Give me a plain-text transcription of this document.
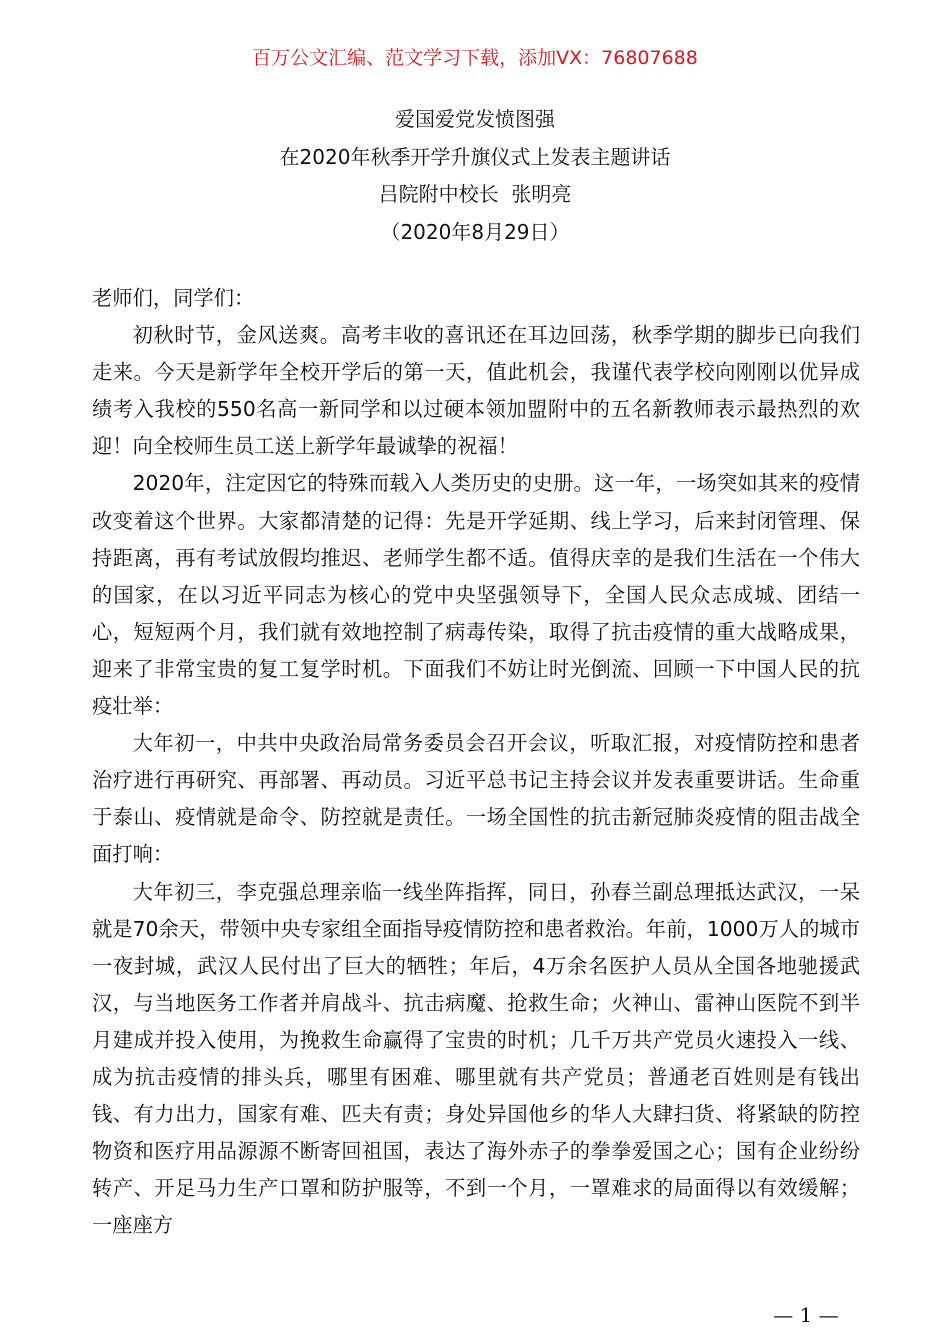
百万公文汇编、范文学习下载，添加VX：76807688
爱国爱党发愤图强
在2020年秋季开学升旗仪式上发表主题讲话
吕院附中校长  张明亮
（2020年8月29日）

老师们，同学们：

初秋时节，金风送爽。高考丰收的喜讯还在耳边回荡，秋季学期的脚步已向我们走来。今天是新学年全校开学后的第一天，值此机会，我谨代表学校向刚刚以优异成绩考入我校的550名高一新同学和以过硬本领加盟附中的五名新教师表示最热烈的欢迎！向全校师生员工送上新学年最诚挚的祝福！

2020年，注定因它的特殊而载入人类历史的史册。这一年，一场突如其来的疫情改变着这个世界。大家都清楚的记得：先是开学延期、线上学习，后来封闭管理、保持距离，再有考试放假均推迟、老师学生都不适。值得庆幸的是我们生活在一个伟大的国家，在以习近平同志为核心的党中央坚强领导下，全国人民众志成城、团结一心，短短两个月，我们就有效地控制了病毒传染，取得了抗击疫情的重大战略成果，迎来了非常宝贵的复工复学时机。下面我们不妨让时光倒流、回顾一下中国人民的抗疫壮举：

大年初一，中共中央政治局常务委员会召开会议，听取汇报，对疫情防控和患者治疗进行再研究、再部署、再动员。习近平总书记主持会议并发表重要讲话。生命重于泰山、疫情就是命令、防控就是责任。一场全国性的抗击新冠肺炎疫情的阻击战全面打响：

大年初三，李克强总理亲临一线坐阵指挥，同日，孙春兰副总理抵达武汉，一呆就是70余天，带领中央专家组全面指导疫情防控和患者救治。年前，1000万人的城市一夜封城，武汉人民付出了巨大的牺牲；年后，4万余名医护人员从全国各地驰援武汉，与当地医务工作者并肩战斗、抗击病魔、抢救生命；火神山、雷神山医院不到半月建成并投入使用，为挽救生命赢得了宝贵的时机；几千万共产党员火速投入一线、成为抗击疫情的排头兵，哪里有困难、哪里就有共产党员；普通老百姓则是有钱出钱、有力出力，国家有难、匹夫有责；身处异国他乡的华人大肆扫货、将紧缺的防控物资和医疗用品源源不断寄回祖国，表达了海外赤子的拳拳爱国之心；国有企业纷纷转产、开足马力生产口罩和防护服等，不到一个月，一罩难求的局面得以有效缓解；一座座方

— 1 —
